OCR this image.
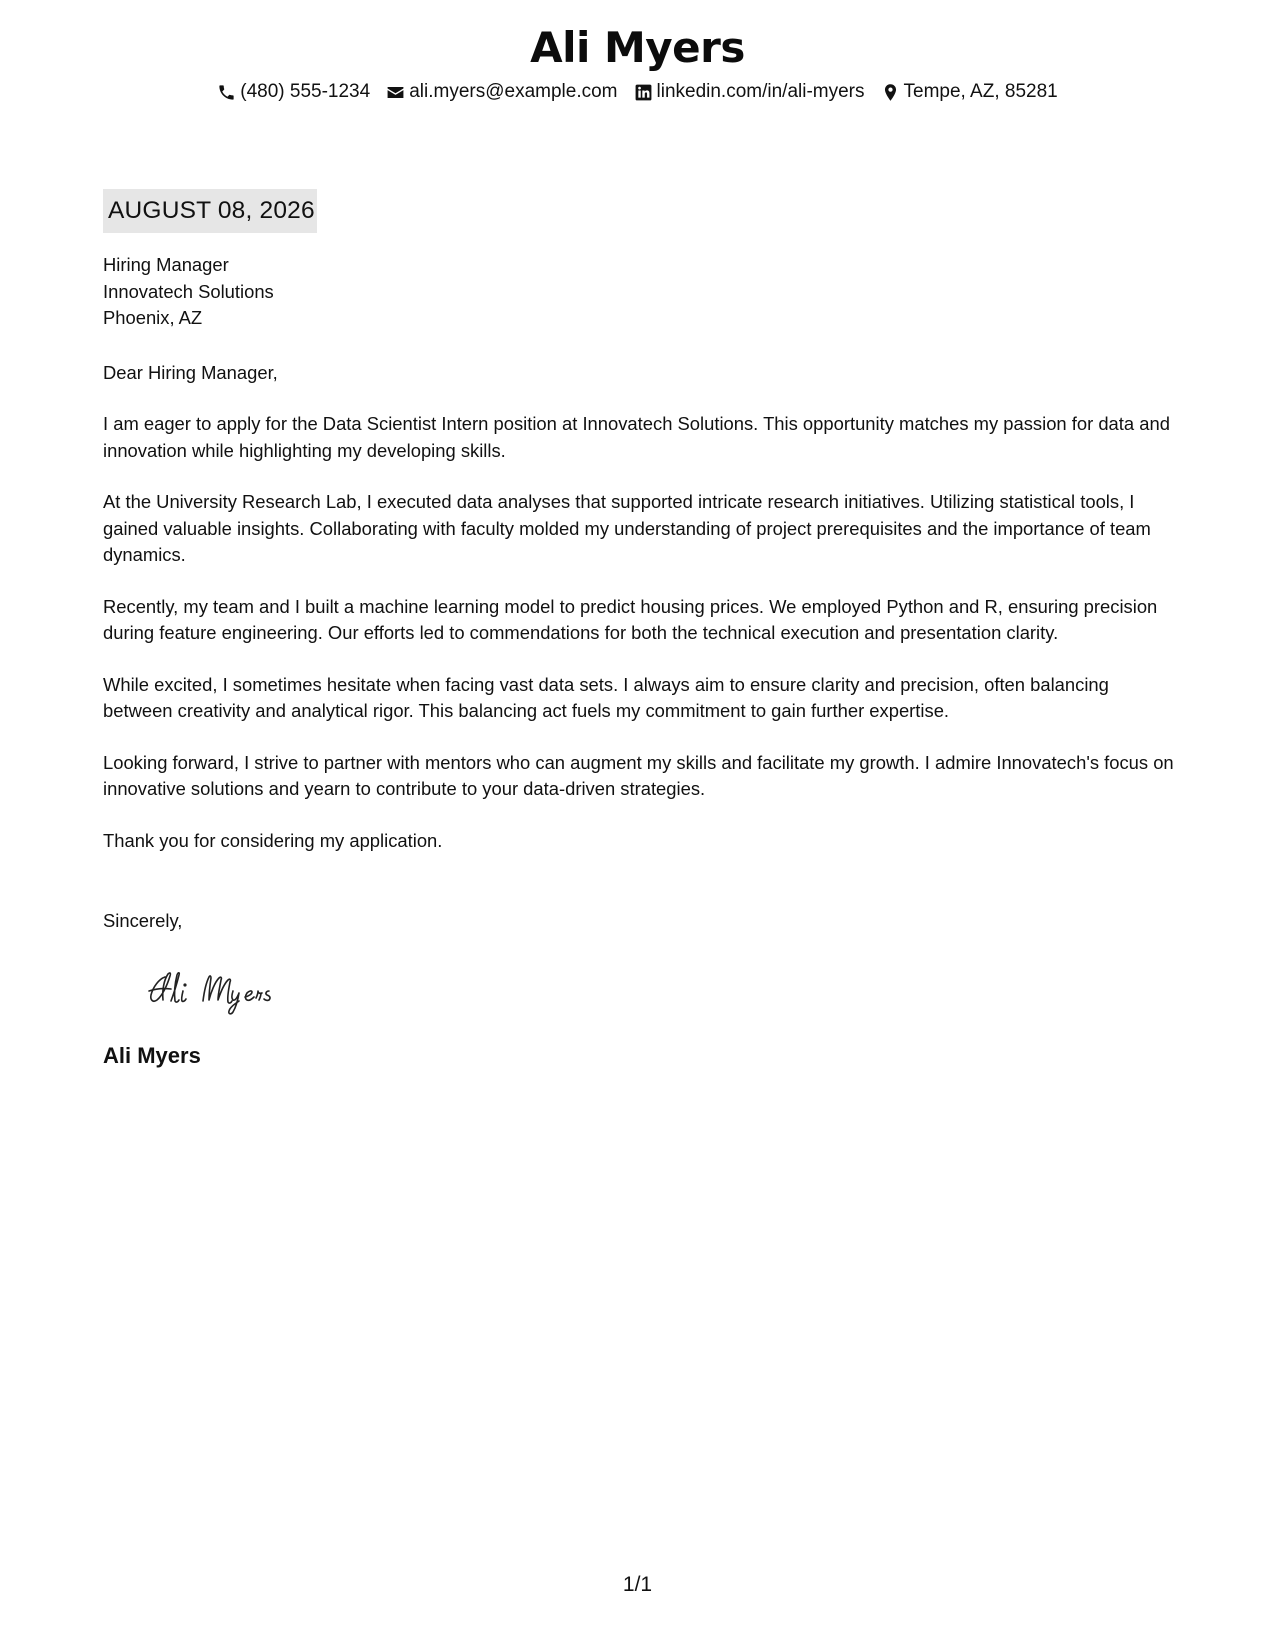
Ali Myers
(480) 555-1234 ali.myers@example.com linkedin.com/in/ali-myers Tempe, AZ, 85281
AUGUST 08, 2026
Hiring Manager
Innovatech Solutions
Phoenix, AZ
Dear Hiring Manager,
I am eager to apply for the Data Scientist Intern position at Innovatech Solutions. This opportunity matches my passion for data and innovation while highlighting my developing skills.
At the University Research Lab, I executed data analyses that supported intricate research initiatives. Utilizing statistical tools, I gained valuable insights. Collaborating with faculty molded my understanding of project prerequisites and the importance of team dynamics.
Recently, my team and I built a machine learning model to predict housing prices. We employed Python and R, ensuring precision during feature engineering. Our efforts led to commendations for both the technical execution and presentation clarity.
While excited, I sometimes hesitate when facing vast data sets. I always aim to ensure clarity and precision, often balancing between creativity and analytical rigor. This balancing act fuels my commitment to gain further expertise.
Looking forward, I strive to partner with mentors who can augment my skills and facilitate my growth. I admire Innovatech's focus on innovative solutions and yearn to contribute to your data-driven strategies.
Thank you for considering my application.
Sincerely,
Ali Myers
1/1
